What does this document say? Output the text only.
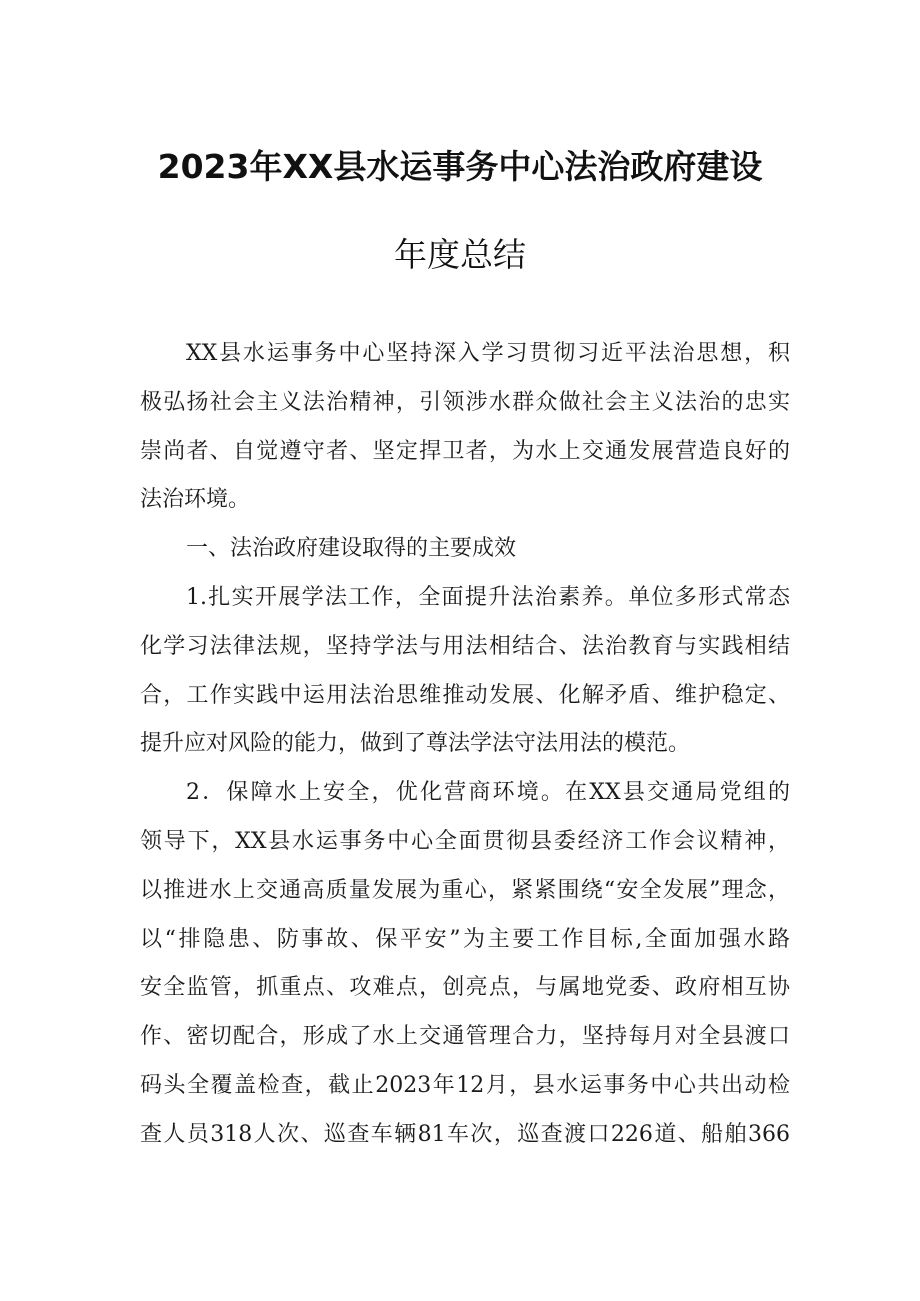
2023年XX县水运事务中心法治政府建设
年度总结
XX县水运事务中心坚持深入学习贯彻习近平法治思想，积
极弘扬社会主义法治精神，引领涉水群众做社会主义法治的忠实
崇尚者、自觉遵守者、坚定捍卫者，为水上交通发展营造良好的
法治环境。
一、法治政府建设取得的主要成效
1.扎实开展学法工作，全面提升法治素养。单位多形式常态
化学习法律法规，坚持学法与用法相结合、法治教育与实践相结
合，工作实践中运用法治思维推动发展、化解矛盾、维护稳定、
提升应对风险的能力，做到了尊法学法守法用法的模范。
2．保障水上安全，优化营商环境。在XX县交通局党组的
领导下，XX县水运事务中心全面贯彻县委经济工作会议精神，
以推进水上交通高质量发展为重心，紧紧围绕“安全发展”理念，
以“排隐患、防事故、保平安”为主要工作目标,全面加强水路
安全监管，抓重点、攻难点，创亮点，与属地党委、政府相互协
作、密切配合，形成了水上交通管理合力，坚持每月对全县渡口
码头全覆盖检查，截止2023年12月，县水运事务中心共出动检
查人员318人次、巡查车辆81车次，巡查渡口226道、船舶366
